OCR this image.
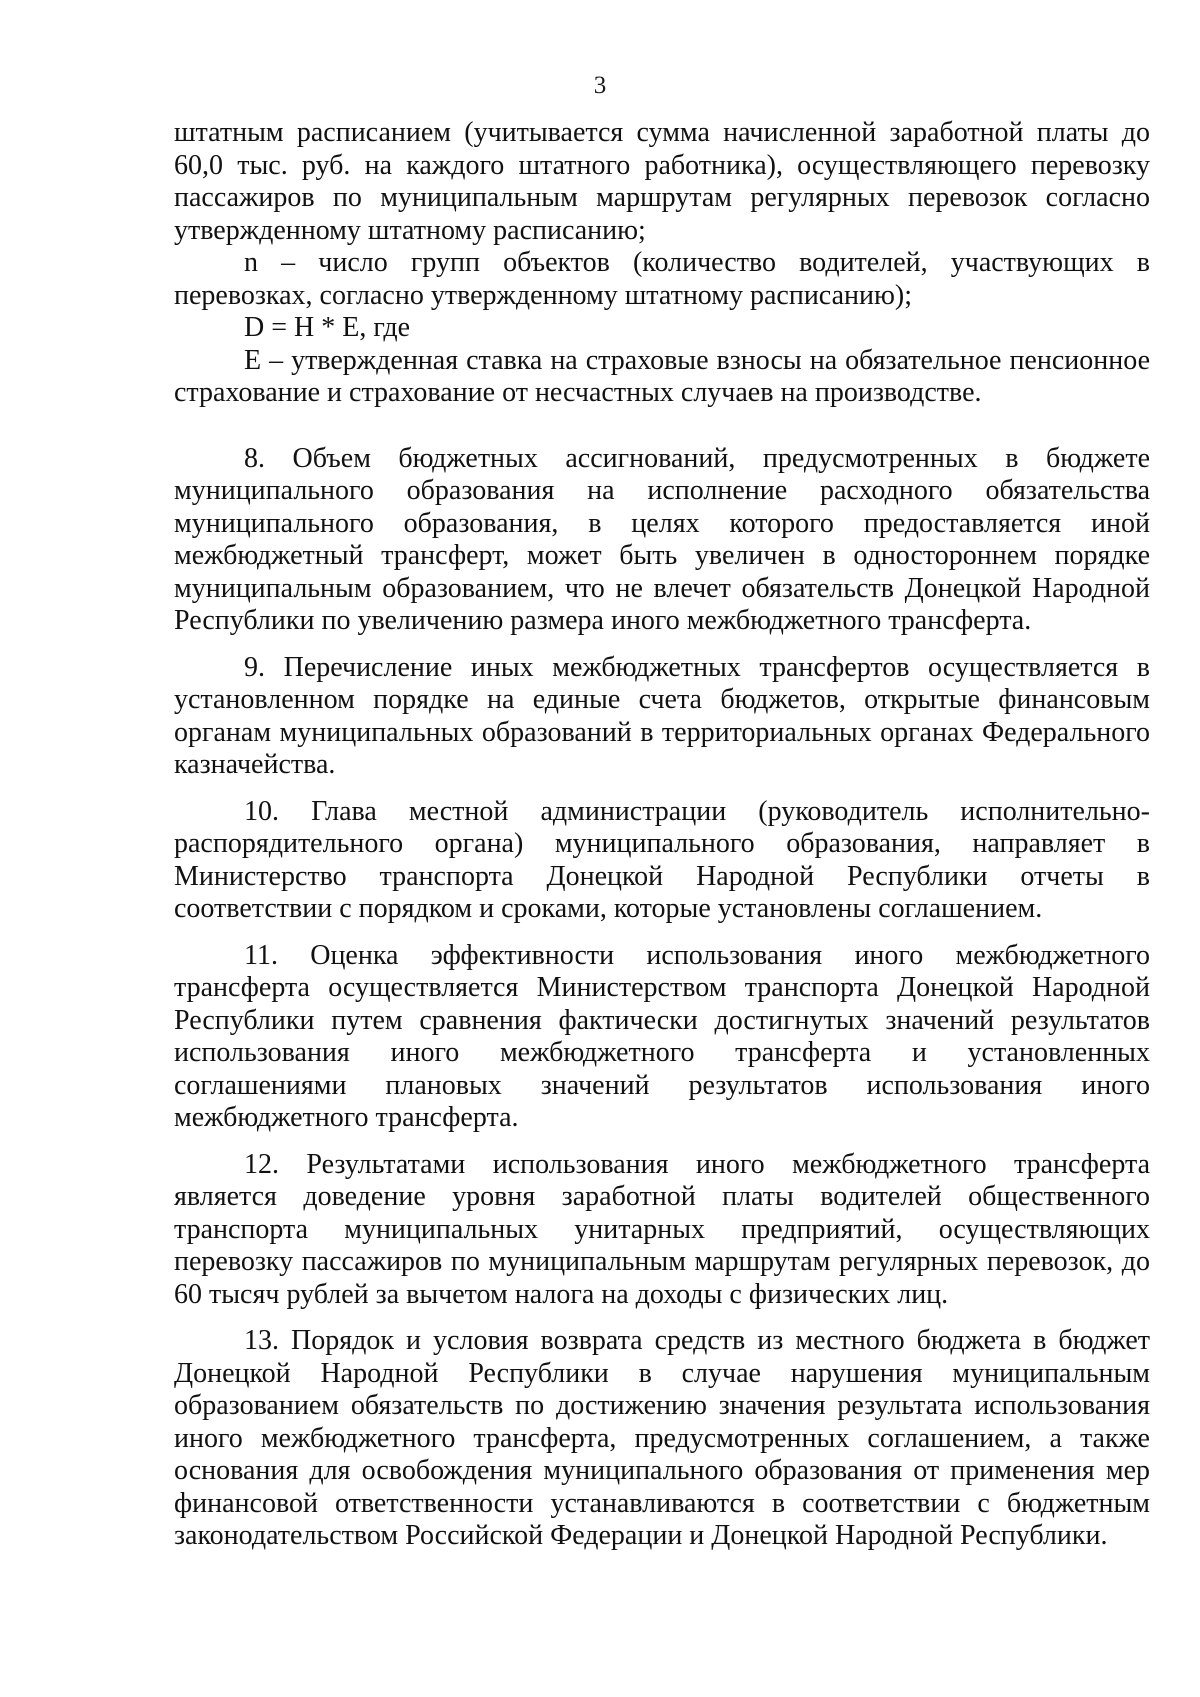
3

штатным расписанием (учитывается сумма начисленной заработной платы до 60,0 тыс. руб. на каждого штатного работника), осуществляющего перевозку пассажиров по муниципальным маршрутам регулярных перевозок согласно утвержденному штатному расписанию;

n – число групп объектов (количество водителей, участвующих в перевозках, согласно утвержденному штатному расписанию);

D = H * E, где

E – утвержденная ставка на страховые взносы на обязательное пенсионное страхование и страхование от несчастных случаев на производстве.

8. Объем бюджетных ассигнований, предусмотренных в бюджете муниципального образования на исполнение расходного обязательства муниципального образования, в целях которого предоставляется иной межбюджетный трансферт, может быть увеличен в одностороннем порядке муниципальным образованием, что не влечет обязательств Донецкой Народной Республики по увеличению размера иного межбюджетного трансферта.

9. Перечисление иных межбюджетных трансфертов осуществляется в установленном порядке на единые счета бюджетов, открытые финансовым органам муниципальных образований в территориальных органах Федерального казначейства.

10. Глава местной администрации (руководитель исполнительно-распорядительного органа) муниципального образования, направляет в Министерство транспорта Донецкой Народной Республики отчеты в соответствии с порядком и сроками, которые установлены соглашением.

11. Оценка эффективности использования иного межбюджетного трансферта осуществляется Министерством транспорта Донецкой Народной Республики путем сравнения фактически достигнутых значений результатов использования иного межбюджетного трансферта и установленных соглашениями плановых значений результатов использования иного межбюджетного трансферта.

12. Результатами использования иного межбюджетного трансферта является доведение уровня заработной платы водителей общественного транспорта муниципальных унитарных предприятий, осуществляющих перевозку пассажиров по муниципальным маршрутам регулярных перевозок, до 60 тысяч рублей за вычетом налога на доходы с физических лиц.

13. Порядок и условия возврата средств из местного бюджета в бюджет Донецкой Народной Республики в случае нарушения муниципальным образованием обязательств по достижению значения результата использования иного межбюджетного трансферта, предусмотренных соглашением, а также основания для освобождения муниципального образования от применения мер финансовой ответственности устанавливаются в соответствии с бюджетным законодательством Российской Федерации и Донецкой Народной Республики.
